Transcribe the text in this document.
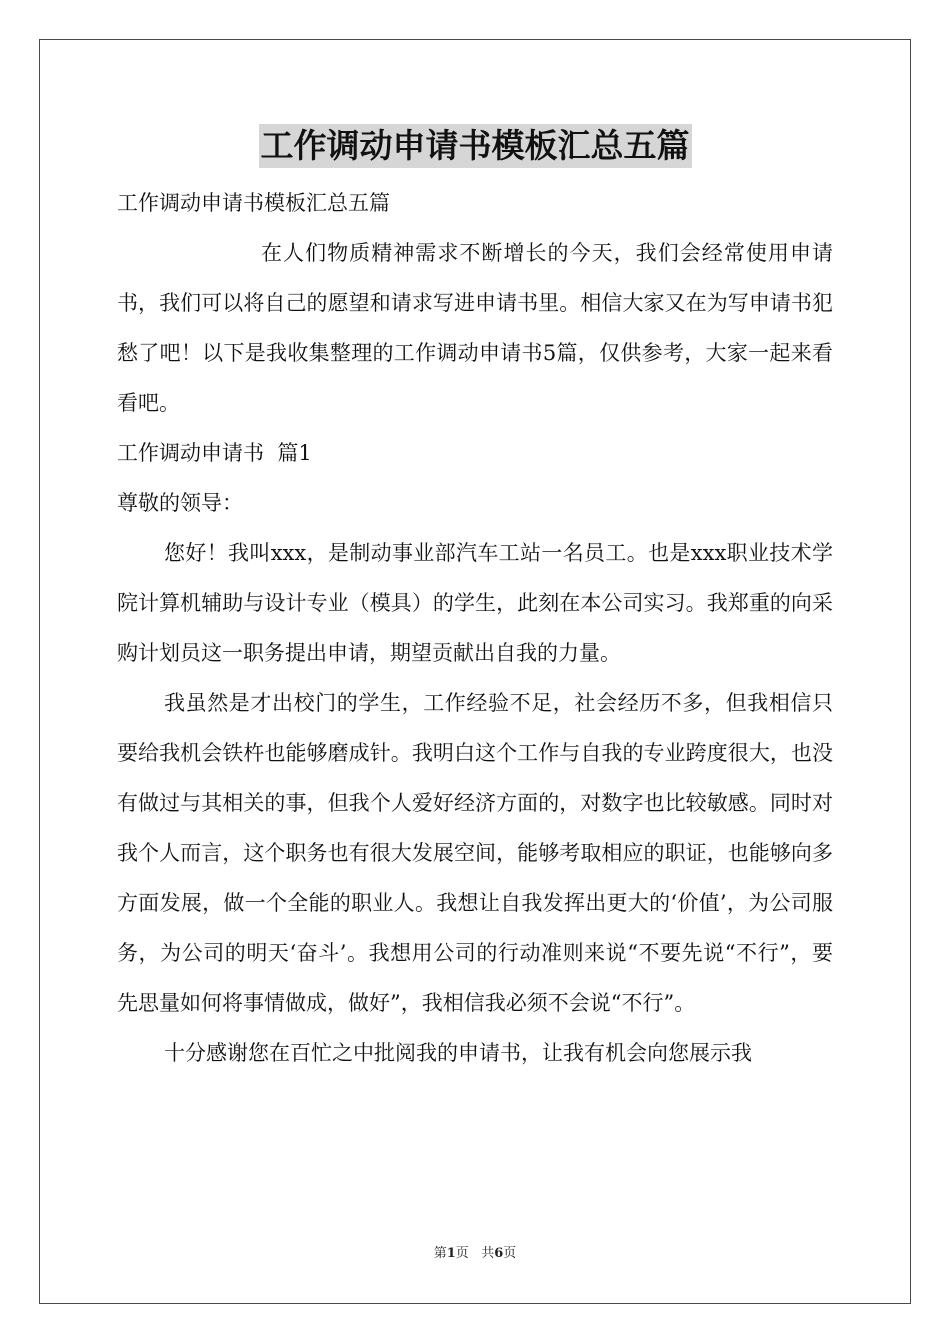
工作调动申请书模板汇总五篇
工作调动申请书模板汇总五篇
在人们物质精神需求不断增长的今天，我们会经常使用申请书，我们可以将自己的愿望和请求写进申请书里。相信大家又在为写申请书犯愁了吧！以下是我收集整理的工作调动申请书5篇，仅供参考，大家一起来看看吧。
工作调动申请书  篇1
尊敬的领导：
您好！我叫xxx，是制动事业部汽车工站一名员工。也是xxx职业技术学院计算机辅助与设计专业（模具）的学生，此刻在本公司实习。我郑重的向采购计划员这一职务提出申请，期望贡献出自我的力量。
我虽然是才出校门的学生，工作经验不足，社会经历不多，但我相信只要给我机会铁杵也能够磨成针。我明白这个工作与自我的专业跨度很大，也没有做过与其相关的事，但我个人爱好经济方面的，对数字也比较敏感。同时对我个人而言，这个职务也有很大发展空间，能够考取相应的职证，也能够向多方面发展，做一个全能的职业人。我想让自我发挥出更大的‘价值’，为公司服务，为公司的明天‘奋斗’。我想用公司的行动准则来说“不要先说“不行”，要先思量如何将事情做成，做好”，我相信我必须不会说“不行”。
十分感谢您在百忙之中批阅我的申请书，让我有机会向您展示我
第1页   共6页
